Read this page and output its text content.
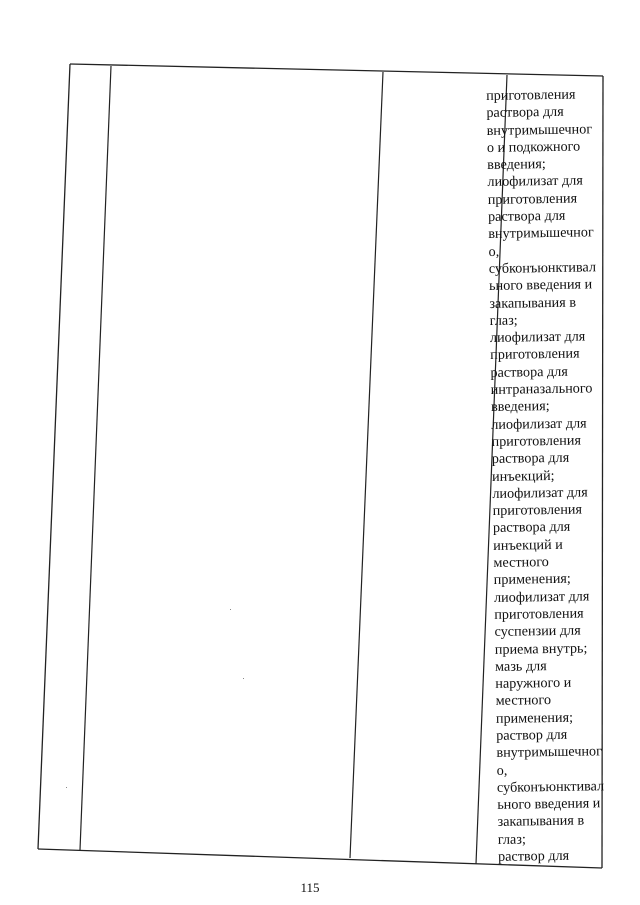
приготовления
раствора для
внутримышечног
о и подкожного
введения;
лиофилизат для
приготовления
раствора для
внутримышечног
о,
субконъюнктивал
ьного введения и
закапывания в
глаз;
лиофилизат для
приготовления
раствора для
интраназального
введения;
лиофилизат для
приготовления
раствора для
инъекций;
лиофилизат для
приготовления
раствора для
инъекций и
местного
применения;
лиофилизат для
приготовления
суспензии для
приема внутрь;
мазь для
наружного и
местного
применения;
раствор для
внутримышечног
о,
субконъюнктивал
ьного введения и
закапывания в
глаз;
раствор для
115
